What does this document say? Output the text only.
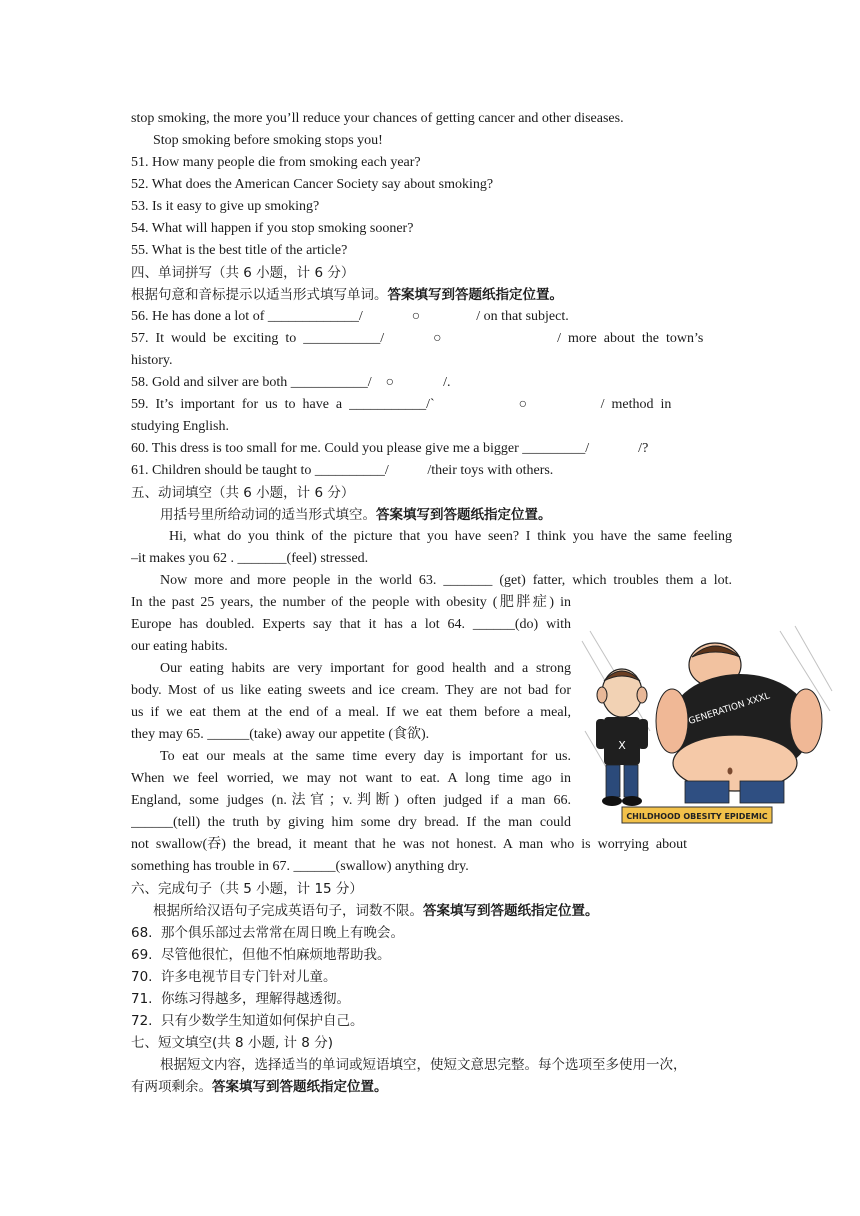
stop smoking, the more you’ll reduce your chances of getting cancer and other diseases.
Stop smoking before smoking stops you!
51. How many people die from smoking each year?
52. What does the American Cancer Society say about smoking?
53. Is it easy to give up smoking?
54. What will happen if you stop smoking sooner?
55. What is the best title of the article?
四、单词拼写（共 6 小题，计 6 分）
根据句意和音标提示以适当形式填写单词。答案填写到答题纸指定位置。
56. He has done a lot of _____________/              ○                / on that subject.
57.  It  would  be  exciting  to  ___________/              ○                                 /  more  about  the  town’s
history.
58. Gold and silver are both ___________/    ○              /.
59.  It’s  important  for  us  to  have  a  ___________/ˋ                        ○                     /  method  in
studying English.
60. This dress is too small for me. Could you please give me a bigger _________/              /?
61. Children should be taught to __________/           /their toys with others.
五、动词填空（共 6 小题，计 6 分）
用括号里所给动词的适当形式填空。答案填写到答题纸指定位置。
Hi, what do you think of the picture that you have seen? I think you have the same feeling
–it makes you 62 . _______(feel) stressed.
Now more and more people in the world 63. _______ (get) fatter, which troubles them a lot.
In the past 25 years, the number of the people with obesity (肥胖症) in
Europe has doubled. Experts say that it has a lot 64. ______(do) with
our eating habits.
Our eating habits are very important for good health and a strong
body. Most of us like eating sweets and ice cream. They are not bad for
us if we eat them at the end of a meal. If we eat them before a meal,
they may 65. ______(take) away our appetite (食欲).
To eat our meals at the same time every day is important for us.
When we feel worried, we may not want to eat. A long time ago in
England, some judges (n.法官；v.判断) often judged if a man 66.
______(tell) the truth by giving him some dry bread. If the man could
not  swallow(吞)  the  bread,  it  meant  that  he  was  not  honest.  A  man  who  is  worrying  about
something has trouble in 67. ______(swallow) anything dry.
六、完成句子（共 5 小题，计 15 分）
根据所给汉语句子完成英语句子，词数不限。答案填写到答题纸指定位置。
68.  那个俱乐部过去常常在周日晚上有晚会。
69.  尽管他很忙，但他不怕麻烦地帮助我。
70.  许多电视节目专门针对儿童。
71.  你练习得越多，理解得越透彻。
72.  只有少数学生知道如何保护自己。
七、短文填空(共 8 小题, 计 8 分)
根据短文内容，选择适当的单词或短语填空，使短文意思完整。每个选项至多使用一次，
有两项剩余。答案填写到答题纸指定位置。
X
GENERATION XXXL
CHILDHOOD OBESITY EPIDEMIC
